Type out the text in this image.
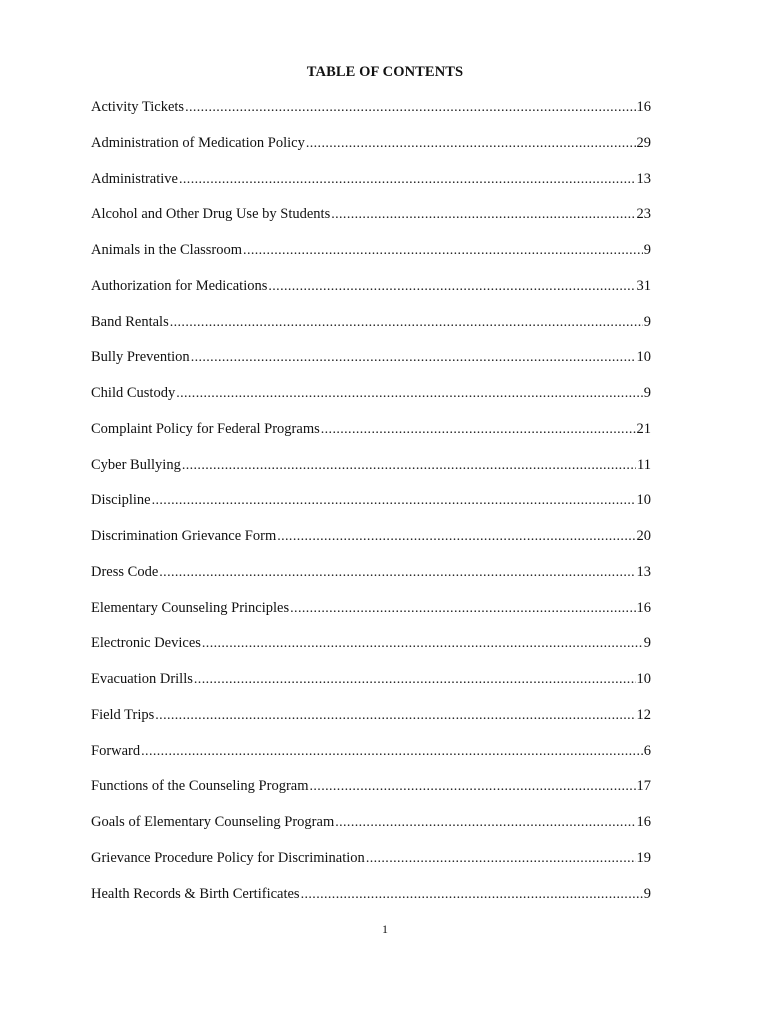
TABLE OF CONTENTS
Activity Tickets .....	16
Administration of Medication Policy .....	29
Administrative .....	13
Alcohol and Other Drug Use by Students .....	23
Animals in the Classroom .....	9
Authorization for Medications .....	31
Band Rentals .....	9
Bully Prevention .....	10
Child Custody .....	9
Complaint Policy for Federal Programs .....	21
Cyber Bullying .....	11
Discipline .....	10
Discrimination Grievance Form .....	20
Dress Code .....	13
Elementary Counseling Principles .....	16
Electronic Devices .....	9
Evacuation Drills .....	10
Field Trips .....	12
Forward .....	6
Functions of the Counseling Program .....	17
Goals of Elementary Counseling Program .....	16
Grievance Procedure Policy for Discrimination .....	19
Health Records & Birth Certificates .....	9
1
